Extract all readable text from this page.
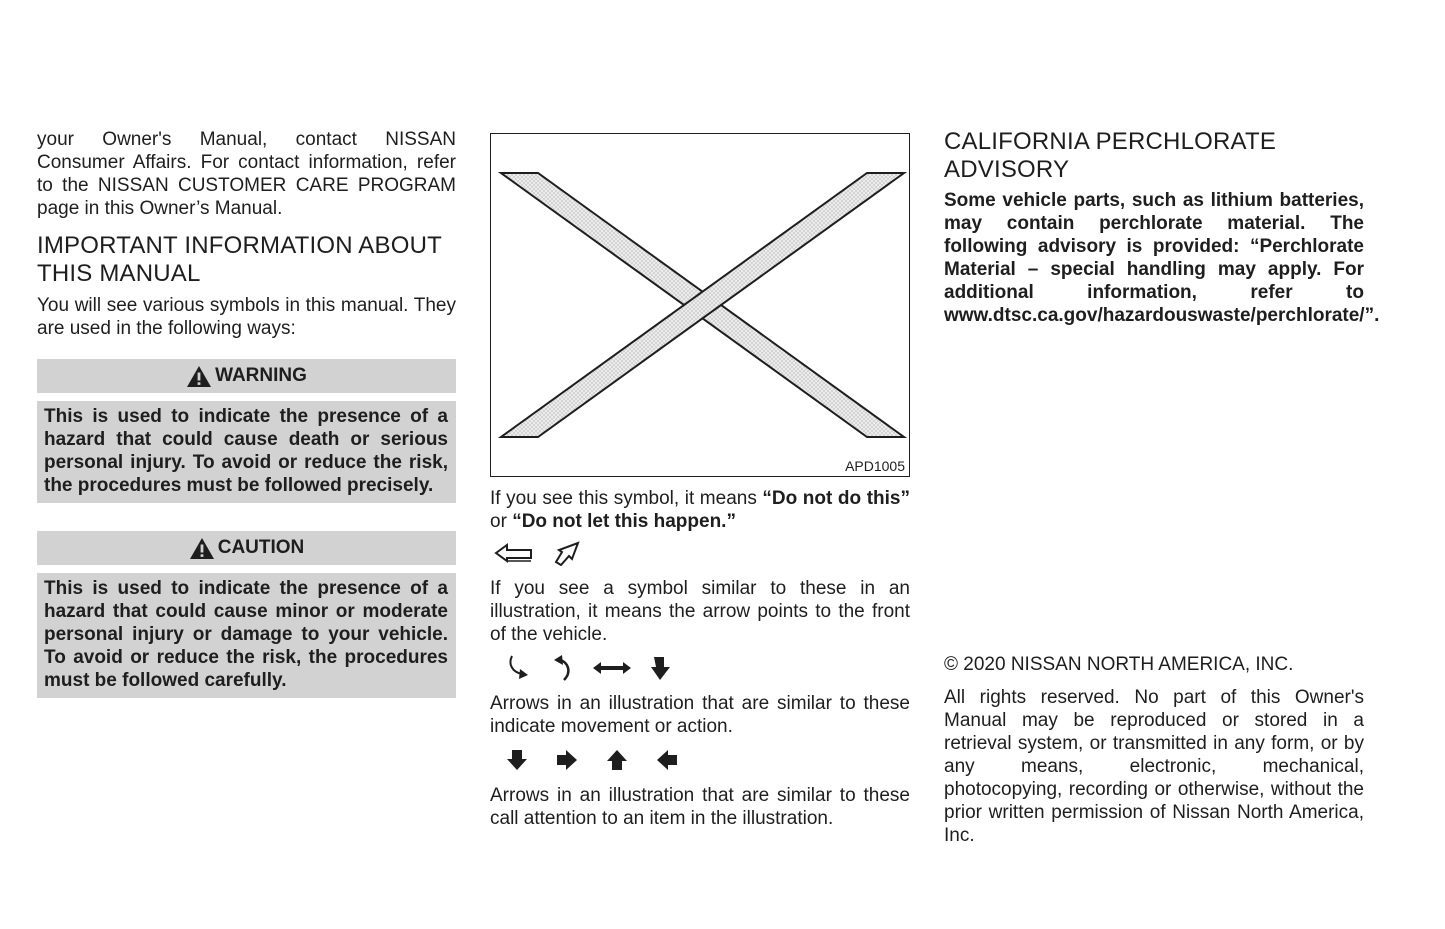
your Owner's Manual, contact NISSAN Consumer Affairs. For contact information, refer to the NISSAN CUSTOMER CARE PROGRAM page in this Owner’s Manual.

IMPORTANT INFORMATION ABOUT THIS MANUAL

You will see various symbols in this manual. They are used in the following ways:

WARNING
This is used to indicate the presence of a hazard that could cause death or serious personal injury. To avoid or reduce the risk, the procedures must be followed precisely.
CAUTION
This is used to indicate the presence of a hazard that could cause minor or moderate personal injury or damage to your vehicle. To avoid or reduce the risk, the procedures must be followed carefully.
APD1005

If you see this symbol, it means “Do not do this” or “Do not let this happen.”

If you see a symbol similar to these in an illustration, it means the arrow points to the front of the vehicle.

Arrows in an illustration that are similar to these indicate movement or action.

Arrows in an illustration that are similar to these call attention to an item in the illustration.

CALIFORNIA PERCHLORATE ADVISORY

Some vehicle parts, such as lithium batteries, may contain perchlorate material. The following advisory is provided: “Perchlorate Material – special handling may apply. For additional information, refer to www.dtsc.ca.gov/hazardouswaste/perchlorate/”.

© 2020 NISSAN NORTH AMERICA, INC.

All rights reserved. No part of this Owner's Manual may be reproduced or stored in a retrieval system, or transmitted in any form, or by any means, electronic, mechanical, photocopying, recording or otherwise, without the prior written permission of Nissan North America, Inc.
